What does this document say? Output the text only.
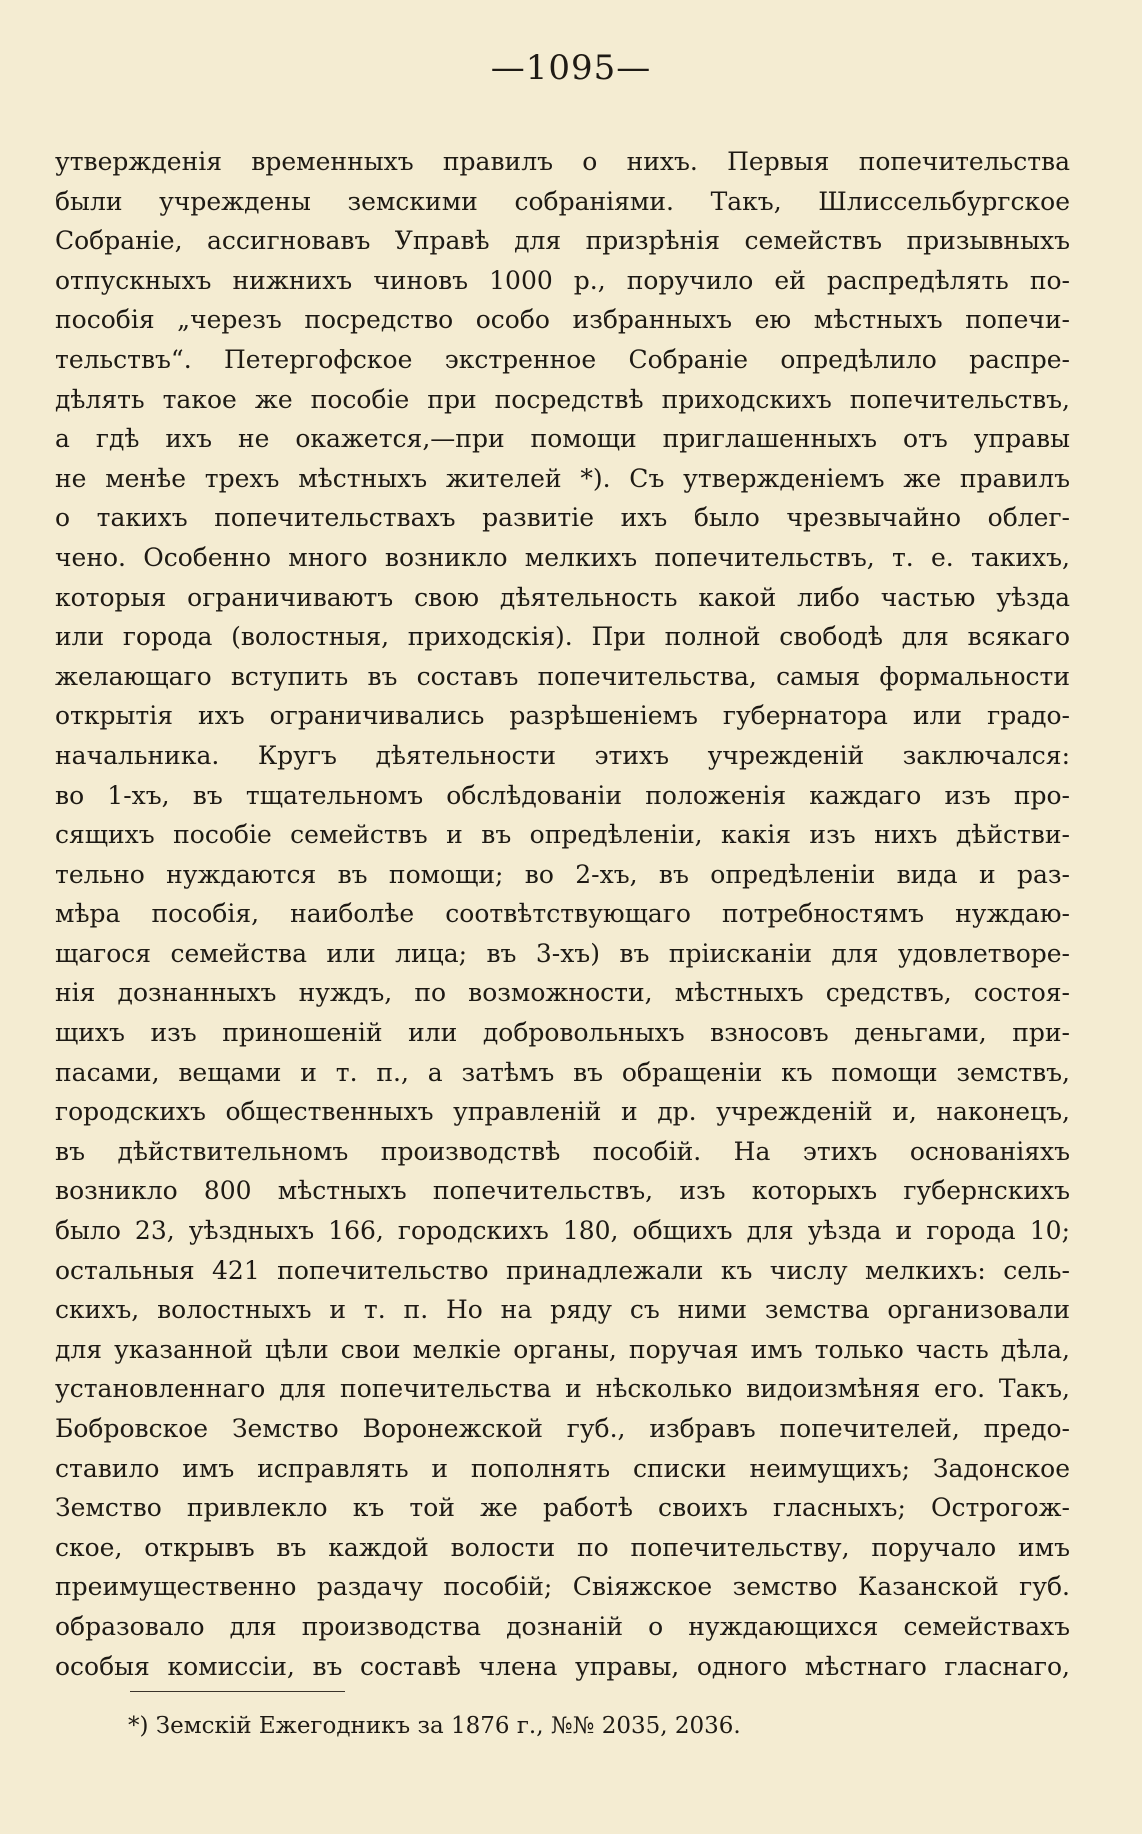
—1095—
утвержденія временныхъ правилъ о нихъ. Первыя попечительства
были учреждены земскими собраніями. Такъ, Шлиссельбургское
Собраніе, ассигновавъ Управѣ для призрѣнія семействъ призывныхъ
отпускныхъ нижнихъ чиновъ 1000 р., поручило ей распредѣлять по-
пособія „черезъ посредство особо избранныхъ ею мѣстныхъ попечи-
тельствъ“. Петергофское экстренное Собраніе опредѣлило распре-
дѣлять такое же пособіе при посредствѣ приходскихъ попечительствъ,
а гдѣ ихъ не окажется,—при помощи приглашенныхъ отъ управы
не менѣе трехъ мѣстныхъ жителей *). Съ утвержденіемъ же правилъ
о такихъ попечительствахъ развитіе ихъ было чрезвычайно облег-
чено. Особенно много возникло мелкихъ попечительствъ, т. е. такихъ,
которыя ограничиваютъ свою дѣятельность какой либо частью уѣзда
или города (волостныя, приходскія). При полной свободѣ для всякаго
желающаго вступить въ составъ попечительства, самыя формальности
открытія ихъ ограничивались разрѣшеніемъ губернатора или градо-
начальника. Кругъ дѣятельности этихъ учрежденій заключался:
во 1-хъ, въ тщательномъ обслѣдованіи положенія каждаго изъ про-
сящихъ пособіе семействъ и въ опредѣленіи, какія изъ нихъ дѣйстви-
тельно нуждаются въ помощи; во 2-хъ, въ опредѣленіи вида и раз-
мѣра пособія, наиболѣе соотвѣтствующаго потребностямъ нуждаю-
щагося семейства или лица; въ 3-хъ) въ пріисканіи для удовлетворе-
нія дознанныхъ нуждъ, по возможности, мѣстныхъ средствъ, состоя-
щихъ изъ приношеній или добровольныхъ взносовъ деньгами, при-
пасами, вещами и т. п., а затѣмъ въ обращеніи къ помощи земствъ,
городскихъ общественныхъ управленій и др. учрежденій и, наконецъ,
въ дѣйствительномъ производствѣ пособій. На этихъ основаніяхъ
возникло 800 мѣстныхъ попечительствъ, изъ которыхъ губернскихъ
было 23, уѣздныхъ 166, городскихъ 180, общихъ для уѣзда и города 10;
остальныя 421 попечительство принадлежали къ числу мелкихъ: сель-
скихъ, волостныхъ и т. п. Но на ряду съ ними земства организовали
для указанной цѣли свои мелкіе органы, поручая имъ только часть дѣла,
установленнаго для попечительства и нѣсколько видоизмѣняя его. Такъ,
Бобровское Земство Воронежской губ., избравъ попечителей, предо-
ставило имъ исправлять и пополнять списки неимущихъ; Задонское
Земство привлекло къ той же работѣ своихъ гласныхъ; Острогож-
ское, открывъ въ каждой волости по попечительству, поручало имъ
преимущественно раздачу пособій; Свіяжское земство Казанской губ.
образовало для производства дознаній о нуждающихся семействахъ
особыя комиссіи, въ составѣ члена управы, одного мѣстнаго гласнаго,
*) Земскій Ежегодникъ за 1876 г., №№ 2035, 2036.
